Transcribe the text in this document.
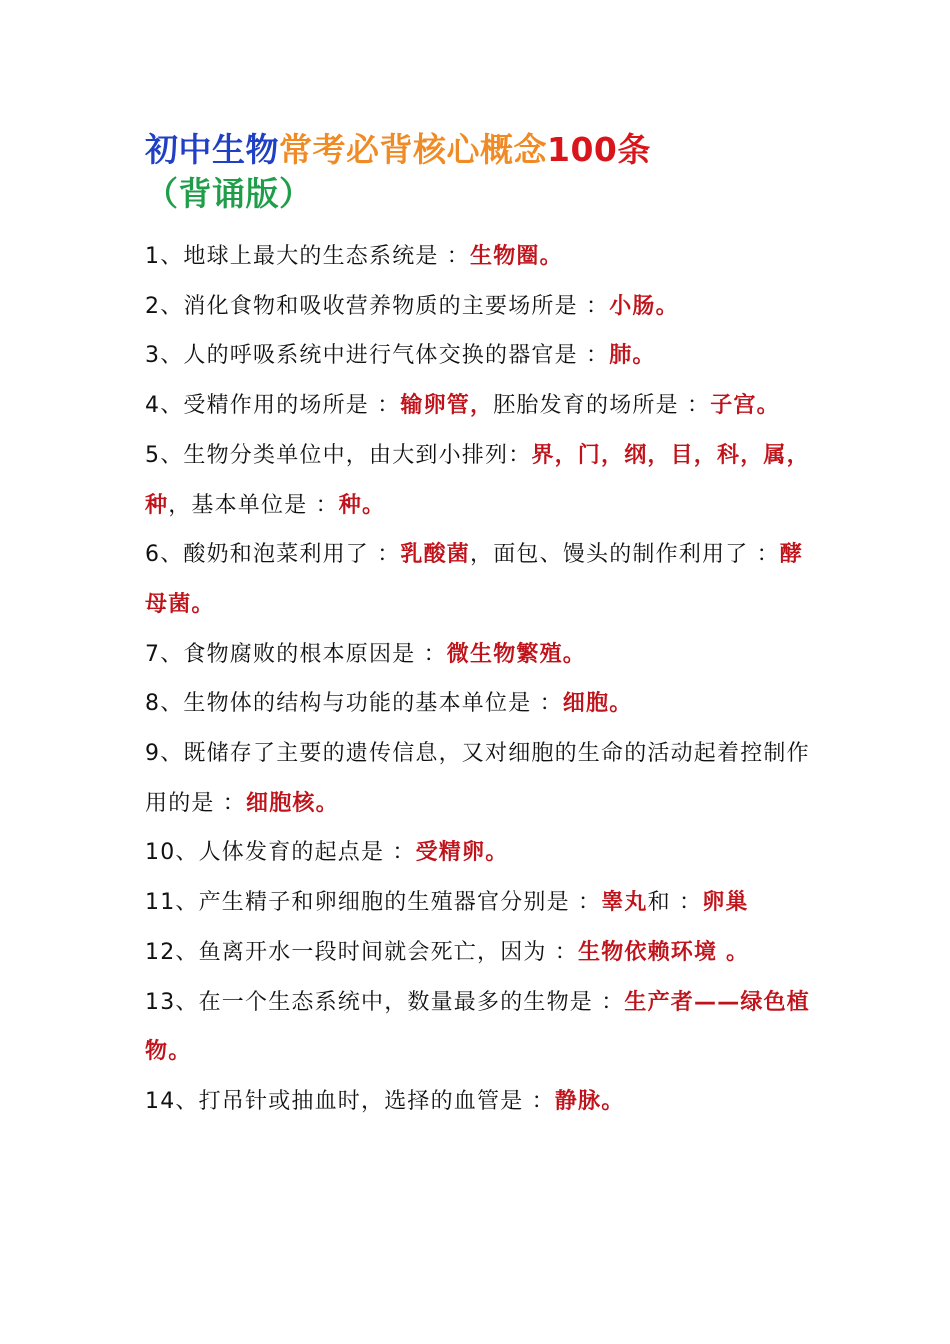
初中生物常考必背核心概念100条（背诵版）

1、地球上最大的生态系统是 ：生物圈。

2、消化食物和吸收营养物质的主要场所是 ：小肠。

3、人的呼吸系统中进行气体交换的器官是 ：肺。

4、受精作用的场所是 ：输卵管，胚胎发育的场所是 ：子宫。

5、生物分类单位中，由大到小排列：界，门，纲，目，科，属，种，基本单位是 ：种。

6、酸奶和泡菜利用了 ：乳酸菌，面包、馒头的制作利用了 ：酵母菌。

7、食物腐败的根本原因是 ：微生物繁殖。

8、生物体的结构与功能的基本单位是 ：细胞。

9、既储存了主要的遗传信息，又对细胞的生命的活动起着控制作用的是 ：细胞核。

10、人体发育的起点是 ：受精卵。

11、产生精子和卵细胞的生殖器官分别是 ：睾丸和 ：卵巢

12、鱼离开水一段时间就会死亡，因为 ：生物依赖环境 。

13、在一个生态系统中，数量最多的生物是 ：生产者——绿色植物。

14、打吊针或抽血时，选择的血管是 ：静脉。
